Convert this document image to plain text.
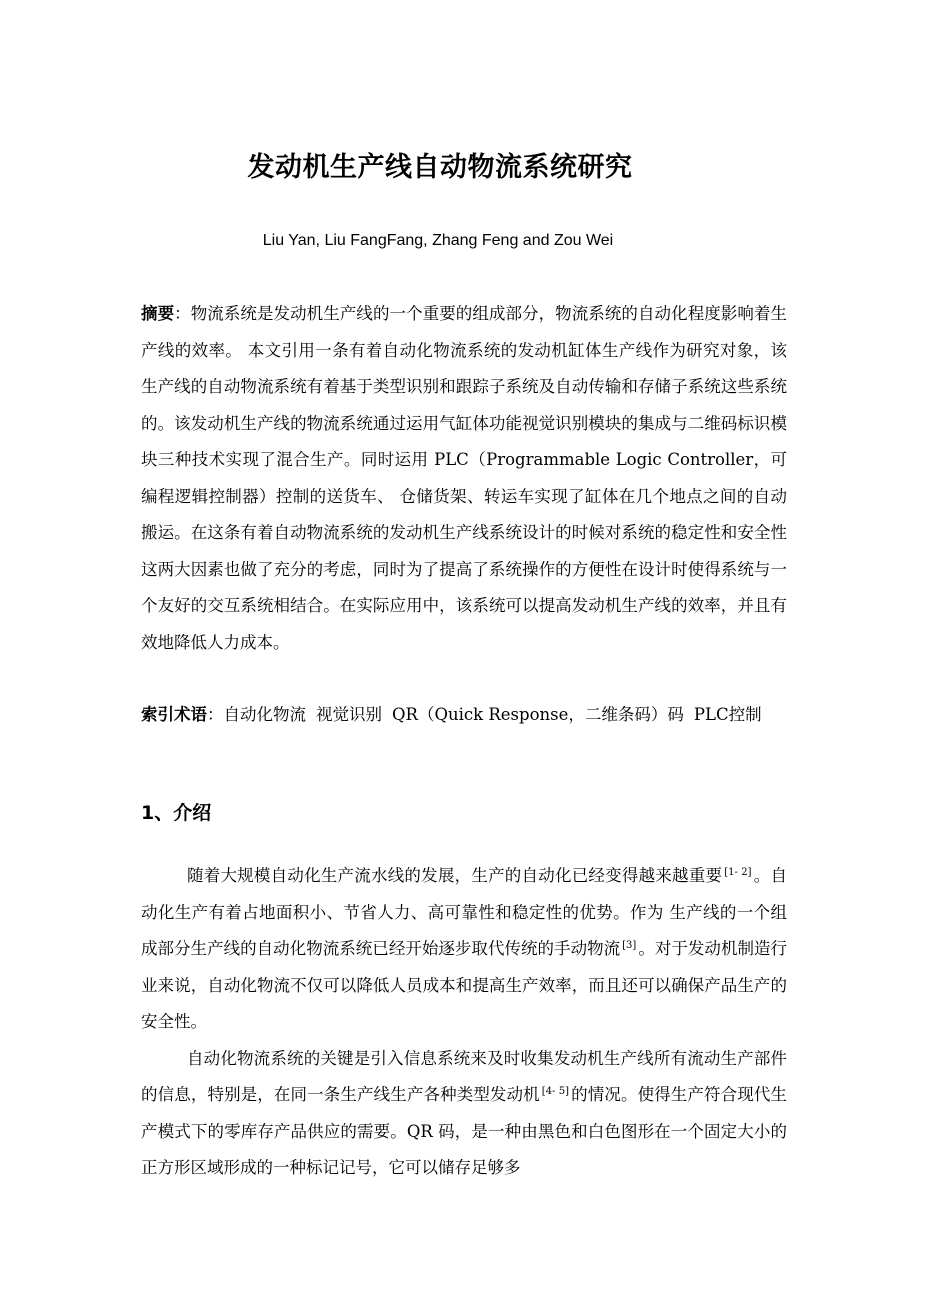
发动机生产线自动物流系统研究
Liu Yan, Liu FangFang, Zhang Feng and Zou Wei
摘要：物流系统是发动机生产线的一个重要的组成部分，物流系统的自动化程度影响着生产线的效率。 本文引用一条有着自动化物流系统的发动机缸体生产线作为研究对象，该生产线的自动物流系统有着基于类型识别和跟踪子系统及自动传输和存储子系统这些系统的。该发动机生产线的物流系统通过运用气缸体功能视觉识别模块的集成与二维码标识模块三种技术实现了混合生产。同时运用 PLC（Programmable Logic Controller，可编程逻辑控制器）控制的送货车、 仓储货架、转运车实现了缸体在几个地点之间的自动搬运。在这条有着自动物流系统的发动机生产线系统设计的时候对系统的稳定性和安全性这两大因素也做了充分的考虑，同时为了提高了系统操作的方便性在设计时使得系统与一个友好的交互系统相结合。在实际应用中，该系统可以提高发动机生产线的效率，并且有效地降低人力成本。
索引术语：自动化物流 视觉识别 QR（Quick Response，二维条码）码 PLC控制
1、介绍

随着大规模自动化生产流水线的发展，生产的自动化已经变得越来越重要 [1- 2] 。自动化生产有着占地面积小、节省人力、高可靠性和稳定性的优势。作为 生产线的一个组成部分生产线的自动化物流系统已经开始逐步取代传统的手动物流 [3] 。对于发动机制造行业来说，自动化物流不仅可以降低人员成本和提高生产效率，而且还可以确保产品生产的安全性。

自动化物流系统的关键是引入信息系统来及时收集发动机生产线所有流动生产部件的信息，特别是，在同一条生产线生产各种类型发动机 [4- 5] 的情况。使得生产符合现代生产模式下的零库存产品供应的需要。QR 码，是一种由黑色和白色图形在一个固定大小的正方形区域形成的一种标记记号，它可以储存足够多
